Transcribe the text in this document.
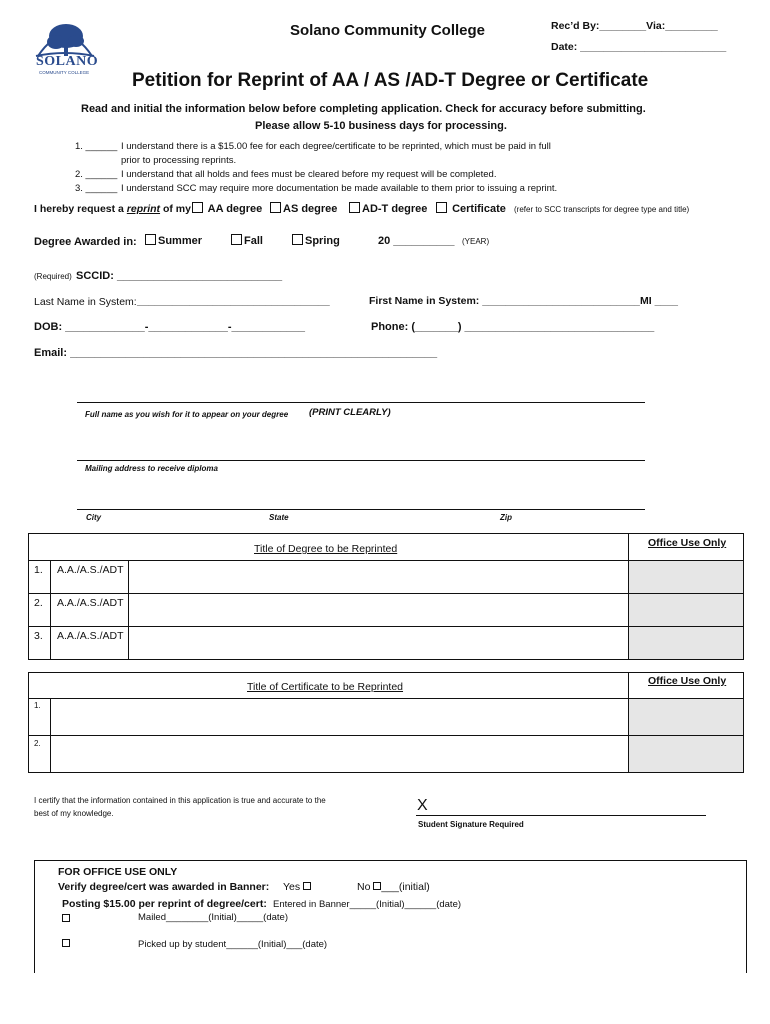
SOLANO
COMMUNITY COLLEGE
Solano Community College	Rec’d By:________Via:_________
Date: _________________________
Petition for Reprint of AA / AS /AD-T Degree or Certificate
Read and initial the information below before completing application. Check for accuracy before submitting.
Please allow 5-10 business days for processing.
1. ______ I understand there is a $15.00 fee for each degree/certificate to be reprinted, which must be paid in full
prior to processing reprints.
2. ______ I understand that all holds and fees must be cleared before my request will be completed.
3. ______ I understand SCC may require more documentation be made available to them prior to issuing a reprint.
I hereby request a reprint of my	AA degree	AS degree	AD-T degree	Certificate (refer to SCC transcripts for degree type and title)
Degree Awarded in:	Summer	Fall	Spring	20 __________ (YEAR)
(Required) SCCID: ___________________________
Last Name in System: _________________________________	First Name in System: ___________________________ MI ____
DOB: _____________-_____________-____________	Phone: (_______) _______________________________
Email: ____________________________________________________________
Full name as you wish for it to appear on your degree (PRINT CLEARLY)
Mailing address to receive diploma
City	State	Zip
Title of Degree to be Reprinted	Office Use Only
1. A.A./A.S./ADT
2. A.A./A.S./ADT
3. A.A./A.S./ADT
Title of Certificate to be Reprinted	Office Use Only
1.
2.
I certify that the information contained in this application is true and accurate to the
best of my knowledge.	X
Student Signature Required
FOR OFFICE USE ONLY
Verify degree/cert was awarded in Banner: Yes	No ___(initial)
Posting $15.00 per reprint of degree/cert: Entered in Banner_____(Initial)______(date)
Mailed________(Initial)_____(date)
Picked up by student______(Initial)___(date)
